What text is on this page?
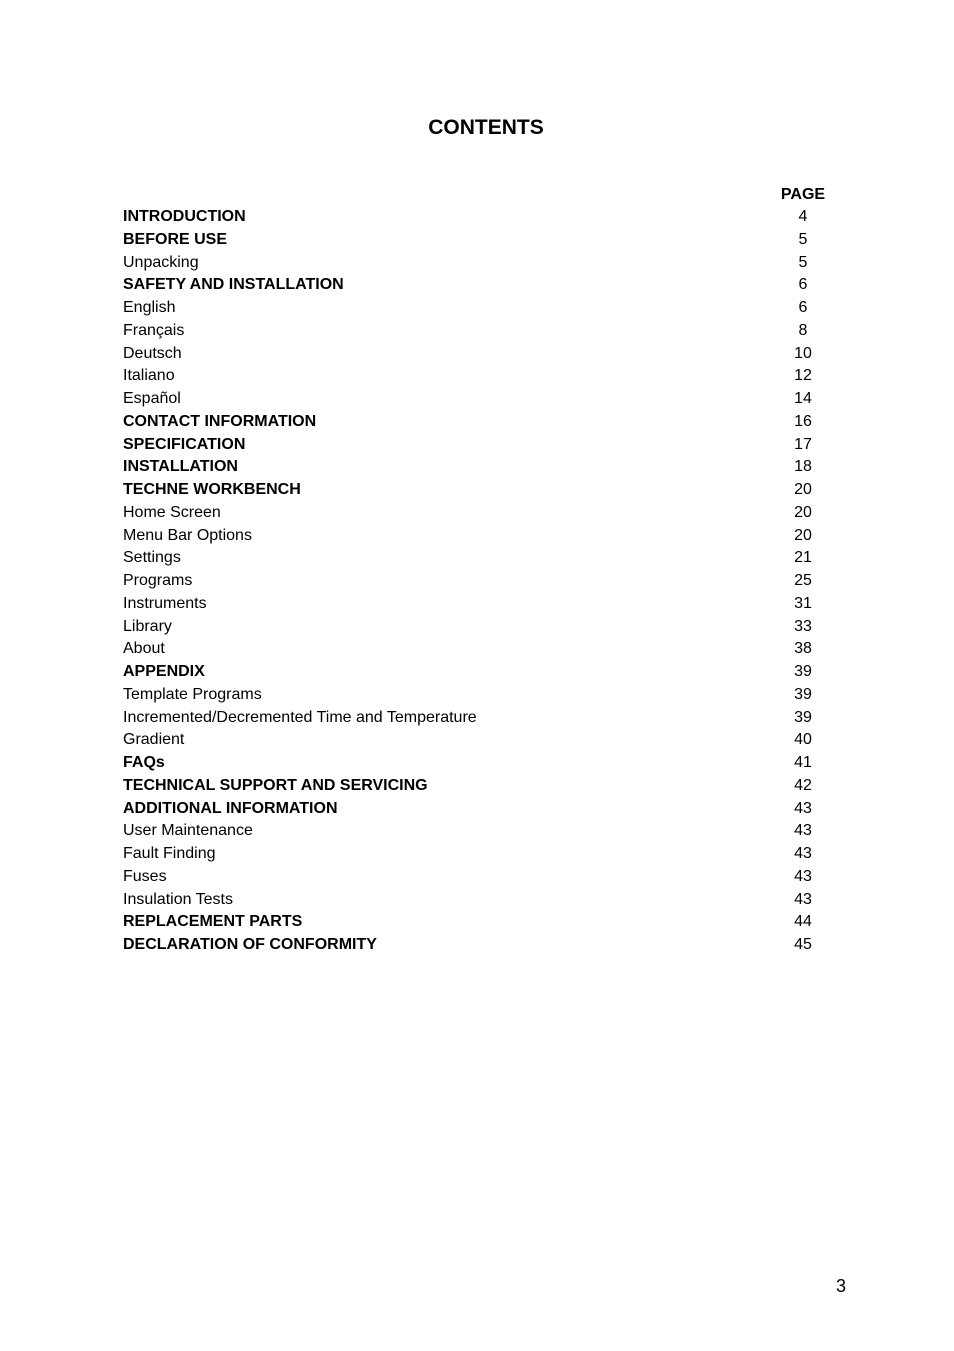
CONTENTS
PAGE
INTRODUCTION	4
BEFORE USE	5
Unpacking	5
SAFETY AND INSTALLATION	6
English	6
Français	8
Deutsch	10
Italiano	12
Español	14
CONTACT INFORMATION	16
SPECIFICATION	17
INSTALLATION	18
TECHNE WORKBENCH	20
Home Screen	20
Menu Bar Options	20
Settings	21
Programs	25
Instruments	31
Library	33
About	38
APPENDIX	39
Template Programs	39
Incremented/Decremented Time and Temperature	39
Gradient	40
FAQs	41
TECHNICAL SUPPORT AND SERVICING	42
ADDITIONAL INFORMATION	43
User Maintenance	43
Fault Finding	43
Fuses	43
Insulation Tests	43
REPLACEMENT PARTS	44
DECLARATION OF CONFORMITY	45
3
